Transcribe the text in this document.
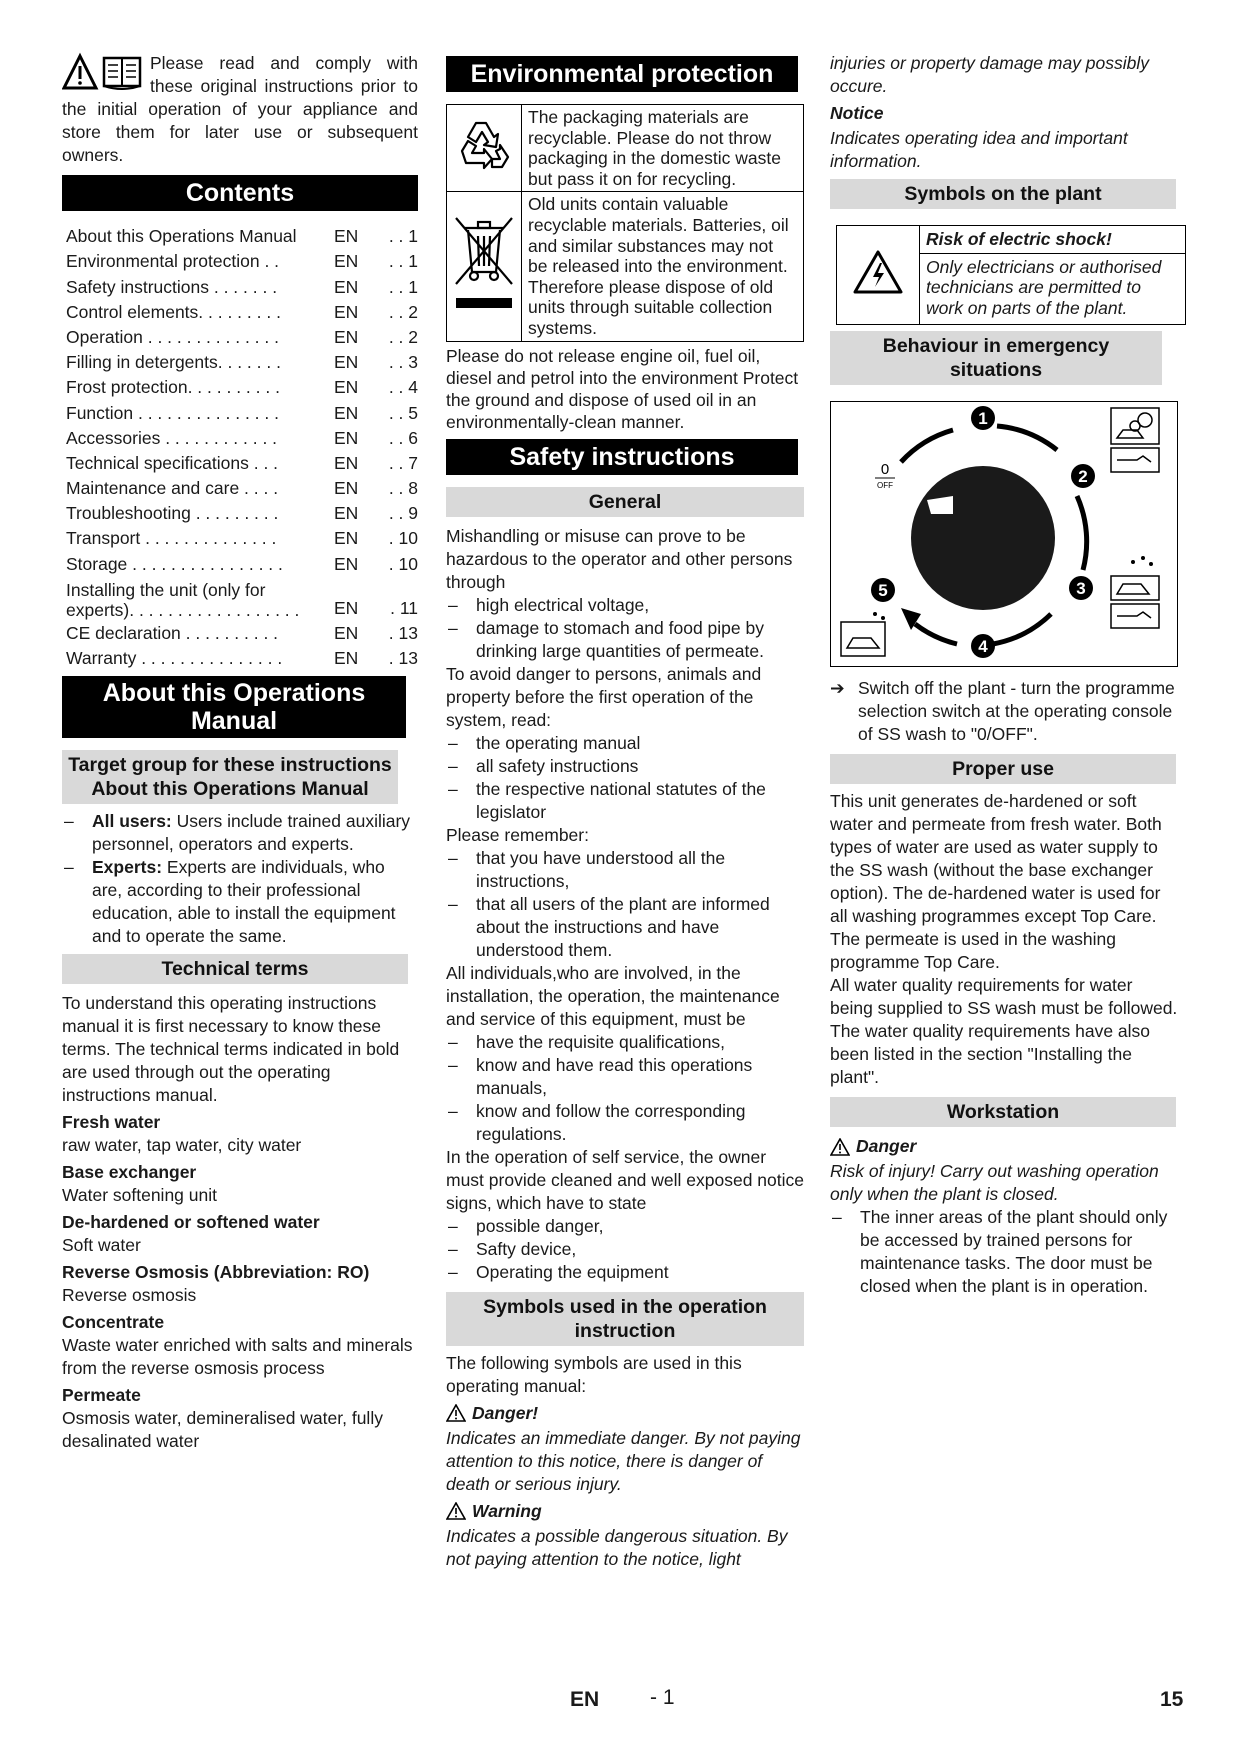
Please read and comply with these original instructions prior to the initial operation of your appliance and store them for later use or subsequent owners.

Contents
About this Operations Manual	EN	. . 1
Environmental protection . .	EN	. . 1
Safety instructions . . . . . . .	EN	. . 1
Control elements. . . . . . . . .	EN	. . 2
Operation . . . . . . . . . . . . . .	EN	. . 2
Filling in detergents. . . . . . .	EN	. . 3
Frost protection. . . . . . . . . .	EN	. . 4
Function . . . . . . . . . . . . . . .	EN	. . 5
Accessories . . . . . . . . . . . .	EN	. . 6
Technical specifications . . .	EN	. . 7
Maintenance and care . . . .	EN	. . 8
Troubleshooting . . . . . . . . .	EN	. . 9
Transport . . . . . . . . . . . . . .	EN	. 10
Storage . . . . . . . . . . . . . . . .	EN	. 10
Installing the unit (only for experts). . . . . . . . . . . . . . . . . .	EN	. 11
CE declaration . . . . . . . . . .	EN	. 13
Warranty . . . . . . . . . . . . . . .	EN	. 13
About this Operations Manual
Target group for these instructions About this Operations Manual
– All users: Users include trained auxiliary personnel, operators and experts.
– Experts: Experts are individuals, who are, according to their professional education, able to install the equipment and to operate the same.
Technical terms

To understand this operating instructions manual it is first necessary to know these terms. The technical terms indicated in bold are used through out the operating instructions manual.

Fresh water

raw water, tap water, city water

Base exchanger

Water softening unit

De-hardened or softened water

Soft water

Reverse Osmosis (Abbreviation: RO)

Reverse osmosis

Concentrate

Waste water enriched with salts and minerals from the reverse osmosis process

Permeate

Osmosis water, demineralised water, fully desalinated water

Environmental protection
	The packaging materials are recyclable. Please do not throw packaging in the domestic waste but pass it on for recycling.
	Old units contain valuable recyclable materials. Batteries, oil and similar substances may not be released into the environment. Therefore please dispose of old units through suitable collection systems.

Please do not release engine oil, fuel oil, diesel and petrol into the environment Protect the ground and dispose of used oil in an environmentally-clean manner.

Safety instructions
General

Mishandling or misuse can prove to be hazardous to the operator and other persons through

– high electrical voltage,
– damage to stomach and food pipe by drinking large quantities of permeate.

To avoid danger to persons, animals and property before the first operation of the system, read:

– the operating manual
– all safety instructions
– the respective national statutes of the legislator

Please remember:

– that you have understood all the instructions,
– that all users of the plant are informed about the instructions and have understood them.

All individuals,who are involved, in the installation, the operation, the maintenance and service of this equipment, must be

– have the requisite qualifications,
– know and have read this operations manuals,
– know and follow the corresponding regulations.

In the operation of self service, the owner must provide cleaned and well exposed notice signs, which have to state

– possible danger,
– Safty device,
– Operating the equipment
Symbols used in the operation instruction

The following symbols are used in this operating manual:

Danger!

Indicates an immediate danger. By not paying attention to this notice, there is danger of death or serious injury.

Warning

Indicates a possible dangerous situation. By not paying attention to the notice, light

injuries or property damage may possibly occure.

Notice

Indicates operating idea and important information.

Symbols on the plant
	Risk of electric shock!
Only electricians or authorised technicians are permitted to work on parts of the plant.
Behaviour in emergency situations
0
OFF
1
2
3
4
5
➔ Switch off the plant - turn the programme selection switch at the operating console of SS wash to "0/OFF".
Proper use

This unit generates de-hardened or soft water and permeate from fresh water. Both types of water are used as water supply to the SS wash (without the base exchanger option). The de-hardened water is used for all washing programmes except Top Care. The permeate is used in the washing programme Top Care.

All water quality requirements for water being supplied to SS wash must be followed. The water quality requirements have also been listed in the section "Installing the plant".

Workstation
Danger

Risk of injury! Carry out washing operation only when the plant is closed.

– The inner areas of the plant should only be accessed by trained persons for maintenance tasks. The door must be closed when the plant is in operation.
EN - 1	15
